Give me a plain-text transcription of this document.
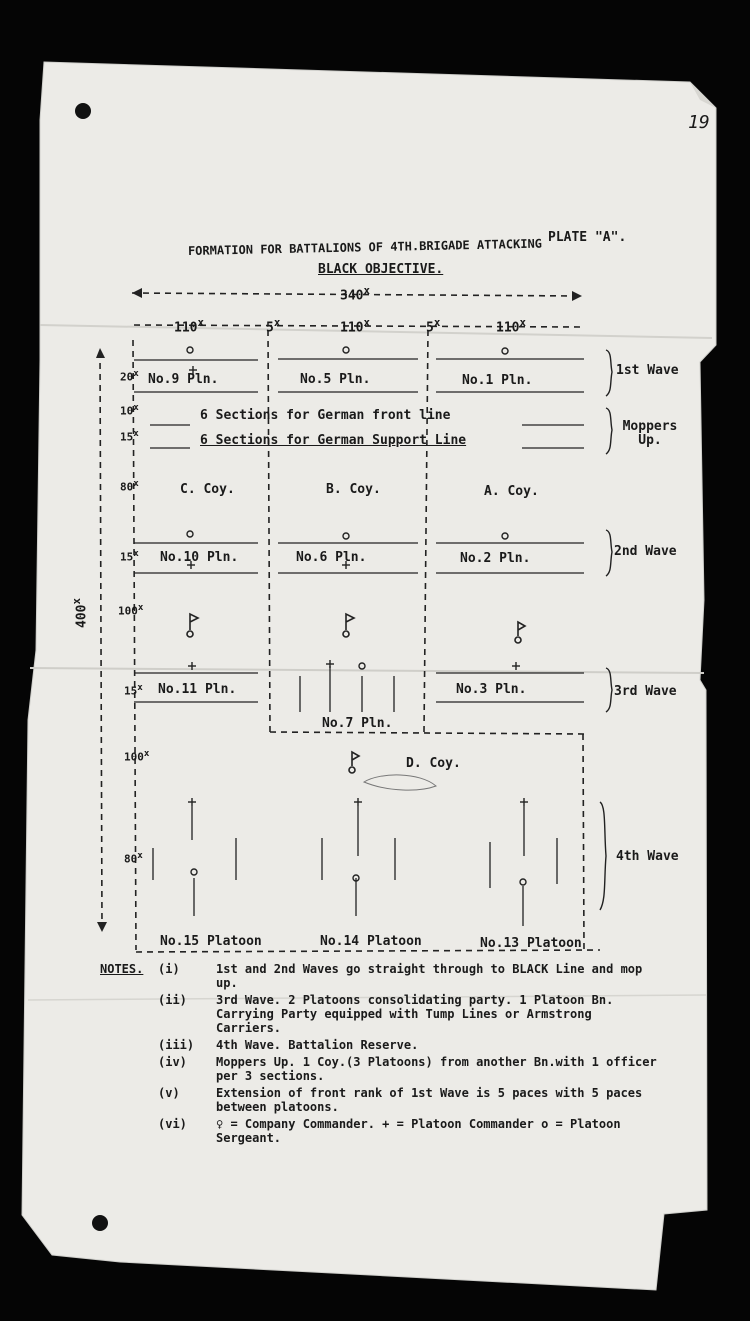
19
PLATE "A".
FORMATION FOR BATTALIONS OF 4TH.BRIGADE ATTACKING
BLACK OBJECTIVE.
340$^x$
110$^x$	5$^x$	110$^x$	5$^x$	110$^x$
400$^x$
20$^x$
10$^x$
15$^x$
80$^x$
15$^x$
100$^x$
15$^x$
100$^x$
80$^x$
No.9 Pln.	No.5 Pln.	No.1 Pln.
6 Sections for German front line
6 Sections for German Support Line
C. Coy.	B. Coy.	A. Coy.
No.10 Pln.	No.6 Pln.	No.2 Pln.
No.11 Pln.	No.3 Pln.
No.7 Pln.
D. Coy.
No.15 Platoon	No.14 Platoon	No.13 Platoon
1st Wave
Moppers Up.
2nd Wave
3rd Wave
4th Wave
NOTES. (i)	1st and 2nd Waves go straight through to BLACK Line and mop up.
(ii)	3rd Wave. 2 Platoons consolidating party. 1 Platoon Bn. Carrying Party equipped with Tump Lines or Armstrong Carriers.
(iii)	4th Wave. Battalion Reserve.
(iv)	Moppers Up. 1 Coy.(3 Platoons) from another Bn.with 1 officer per 3 sections.
(v)	Extension of front rank of 1st Wave is 5 paces with 5 paces between platoons.
(vi)	♀ = Company Commander. + = Platoon Commander o = Platoon Sergeant.
